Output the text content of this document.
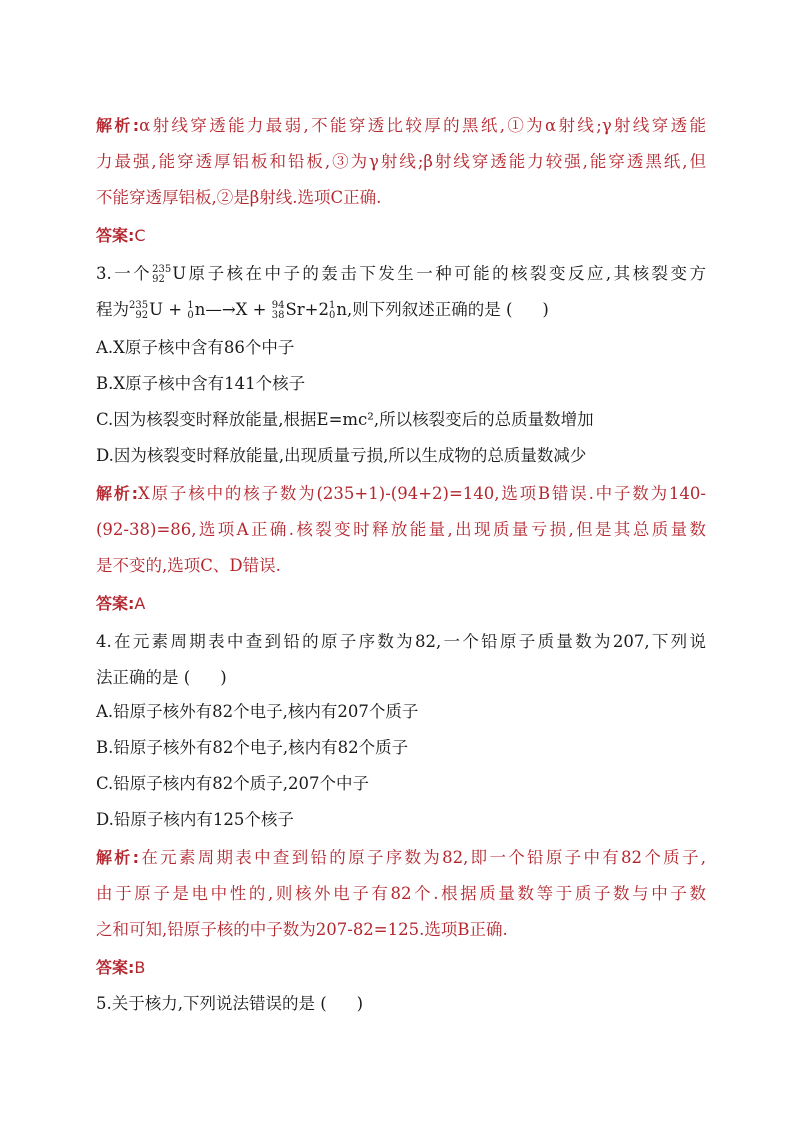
解析:α射线穿透能力最弱,不能穿透比较厚的黑纸,①为α射线;γ射线穿透能
力最强,能穿透厚铝板和铅板,③为γ射线;β射线穿透能力较强,能穿透黑纸,但
不能穿透厚铝板,②是β射线.选项C正确.
答案:C
3.一个 235
92 U原子核在中子的轰击下发生一种可能的核裂变反应,其核裂变方
程为 235
92 U + 1
0 n—→X + 94
38 Sr+2 1
0 n,则下列叙述正确的是 ( )
A.X原子核中含有86个中子
B.X原子核中含有141个核子
C.因为核裂变时释放能量,根据E=mc²,所以核裂变后的总质量数增加
D.因为核裂变时释放能量,出现质量亏损,所以生成物的总质量数减少
解析:X原子核中的核子数为(235+1)-(94+2)=140,选项B错误.中子数为140-
(92-38)=86,选项A正确.核裂变时释放能量,出现质量亏损,但是其总质量数
是不变的,选项C、D错误.
答案:A
4.在元素周期表中查到铅的原子序数为82,一个铅原子质量数为207,下列说
法正确的是 ( )
A.铅原子核外有82个电子,核内有207个质子
B.铅原子核外有82个电子,核内有82个质子
C.铅原子核内有82个质子,207个中子
D.铅原子核内有125个核子
解析:在元素周期表中查到铅的原子序数为82,即一个铅原子中有82个质子,
由于原子是电中性的,则核外电子有82个.根据质量数等于质子数与中子数
之和可知,铅原子核的中子数为207-82=125.选项B正确.
答案:B
5.关于核力,下列说法错误的是 ( )
